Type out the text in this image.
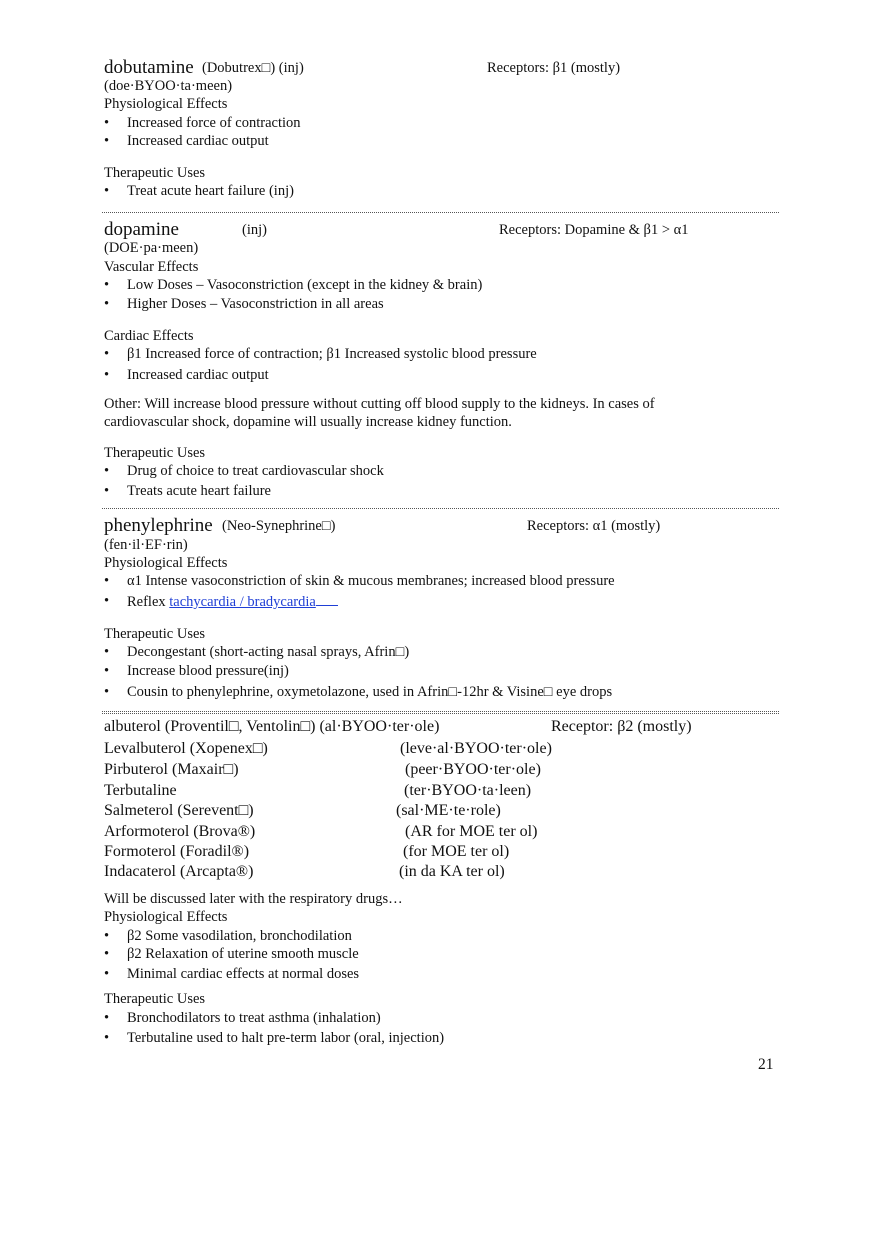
dobutamine (Dobutrex□) (inj)	Receptors: β1 (mostly)
(doe·BYOO·ta·meen)
Physiological Effects
• Increased force of contraction
• Increased cardiac output
Therapeutic Uses
• Treat acute heart failure (inj)
dopamine	(inj)	Receptors: Dopamine & β1 > α1
(DOE·pa·meen)
Vascular Effects
• Low Doses – Vasoconstriction (except in the kidney & brain)
• Higher Doses – Vasoconstriction in all areas
Cardiac Effects
• β1 Increased force of contraction; β1 Increased systolic blood pressure
• Increased cardiac output
Other: Will increase blood pressure without cutting off blood supply to the kidneys. In cases of
cardiovascular shock, dopamine will usually increase kidney function.
Therapeutic Uses
• Drug of choice to treat cardiovascular shock
• Treats acute heart failure
phenylephrine (Neo-Synephrine□)	Receptors: α1 (mostly)
(fen·il·EF·rin)
Physiological Effects
• α1 Intense vasoconstriction of skin & mucous membranes; increased blood pressure
• Reflex tachycardia / bradycardia
Therapeutic Uses
• Decongestant (short-acting nasal sprays, Afrin□)
• Increase blood pressure(inj)
• Cousin to phenylephrine, oxymetolazone, used in Afrin□-12hr & Visine□ eye drops
albuterol (Proventil□, Ventolin□) (al·BYOO·ter·ole)	Receptor: β2 (mostly)
Levalbuterol (Xopenex□)	(leve·al·BYOO·ter·ole)
Pirbuterol (Maxair□)	(peer·BYOO·ter·ole)
Terbutaline	(ter·BYOO·ta·leen)
Salmeterol (Serevent□)	(sal·ME·te·role)
Arformoterol (Brova®)	(AR for MOE ter ol)
Formoterol (Foradil®)	(for MOE ter ol)
Indacaterol (Arcapta®)	(in da KA ter ol)
Will be discussed later with the respiratory drugs…
Physiological Effects
• β2 Some vasodilation, bronchodilation
• β2 Relaxation of uterine smooth muscle
• Minimal cardiac effects at normal doses
Therapeutic Uses
• Bronchodilators to treat asthma (inhalation)
• Terbutaline used to halt pre-term labor (oral, injection)
21
